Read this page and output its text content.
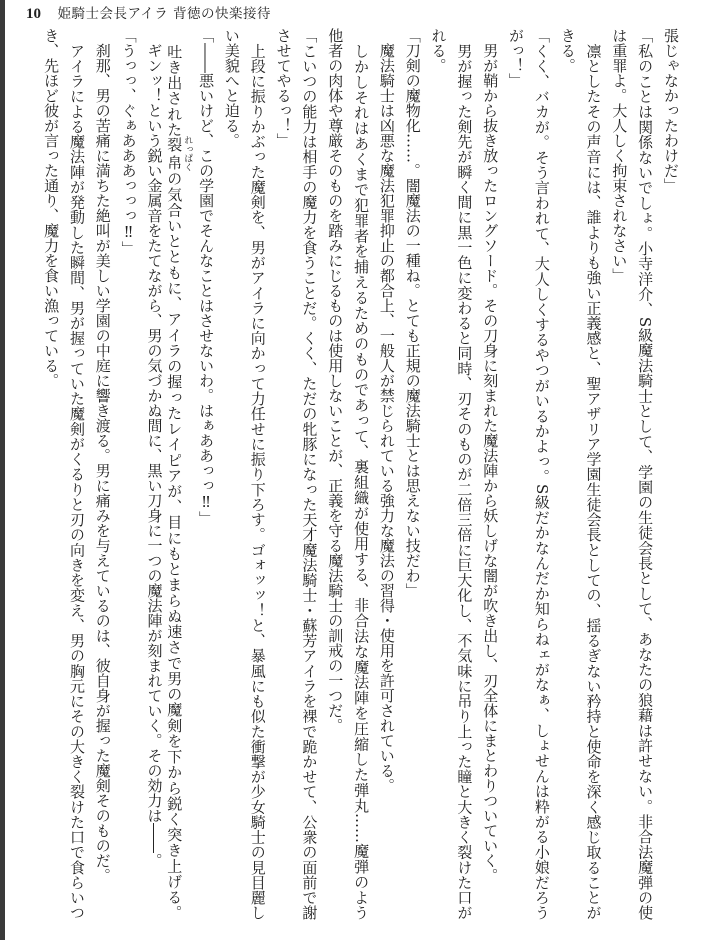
10 姫騎士会長アイラ 背徳の快楽接待
張じゃなかったわけだ」
「私のことは関係ないでしょ。小寺洋介、S級魔法騎士として、学園の生徒会長として、あなたの狼藉は許せない。非合法魔弾の使
は重罪よ。大人しく拘束されなさい」
　凛としたその声音には、誰よりも強い正義感と、聖アザリア学園生徒会長としての、揺るぎない矜持と使命を深く感じ取ることが
きる。
「くく、バカが。そう言われて、大人しくするやつがいるかよっ。S級だかなんだか知らねェがなぁ、しょせんは粋がる小娘だろう
がっ！」
　男が鞘から抜き放ったロングソード。その刀身に刻まれた魔法陣から妖しげな闇が吹き出し、刃全体にまとわりついていく。
　男が握った剣先が瞬く間に黒一色に変わると同時、刃そのものが二倍三倍に巨大化し、不気味に吊り上った瞳と大きく裂けた口が
れる。
「刀剣の魔物化……。闇魔法の一種ね。とても正規の魔法騎士とは思えない技だわ」
　魔法騎士は凶悪な魔法犯罪抑止の都合上、一般人が禁じられている強力な魔法の習得・使用を許可されている。
　しかしそれはあくまで犯罪者を捕えるためのものであって、裏組織が使用する、非合法な魔法陣を圧縮した弾丸……魔弾のよう
他者の肉体や尊厳そのものを踏みにじるものは使用しないことが、正義を守る魔法騎士の訓戒の一つだ。
「こいつの能力は相手の魔力を食うことだ。くく、ただの牝豚になった天才魔法騎士・蘇芳アイラを裸で跪かせて、公衆の面前で謝
させてやるっ！」
　上段に振りかぶった魔剣を、男がアイラに向かって力任せに振り下ろす。ゴォッッ！と、暴風にも似た衝撃が少女騎士の見目麗し
い美貌へと迫る。
「――悪いけど、この学園でそんなことはさせないわ。はぁああっっ‼」
　吐き出された裂帛 れっぱくの気合いとともに、アイラの握ったレイピアが、目にもとまらぬ速さで男の魔剣を下から鋭く突き上げる。
　ギンッ！という鋭い金属音をたてながら、男の気づかぬ間に、黒い刀身に一つの魔法陣が刻まれていく。その効力は――。
「うっっ、ぐぁあああっっっ‼」
　刹那、男の苦痛に満ちた絶叫が美しい学園の中庭に響き渡る。男に痛みを与えているのは、彼自身が握った魔剣そのものだ。
　アイラによる魔法陣が発動した瞬間、男が握っていた魔剣がくるりと刃の向きを変え、男の胸元にその大きく裂けた口で食らいつ
き、先ほど彼が言った通り、魔力を食い漁っている。
